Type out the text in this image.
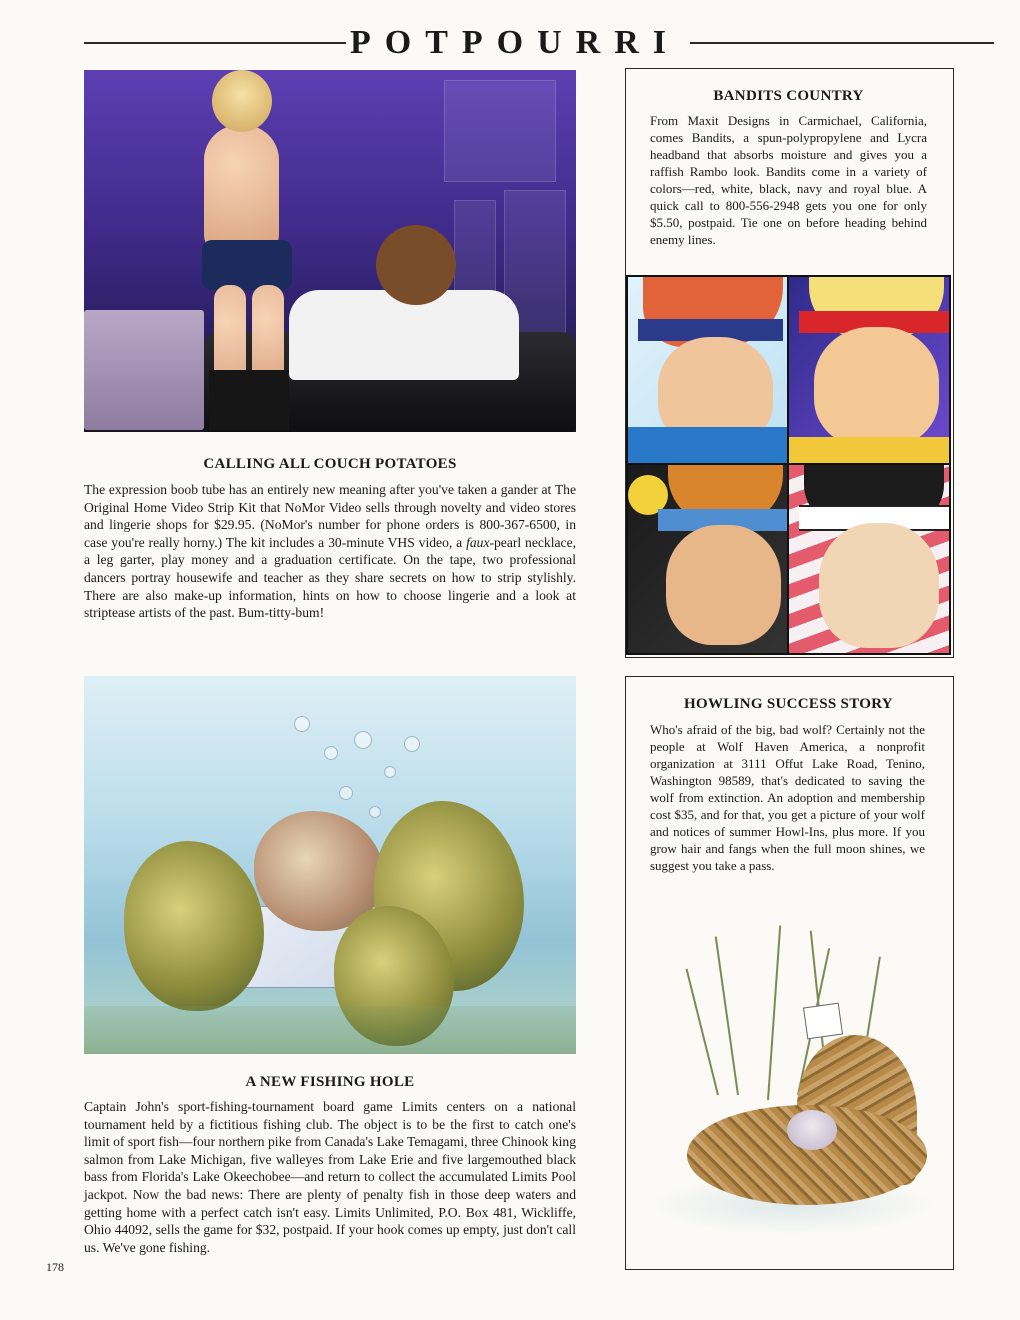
POTPOURRI
CALLING ALL COUCH POTATOES
The expression boob tube has an entirely new meaning after you've taken a gander at The Original Home Video Strip Kit that NoMor Video sells through novelty and video stores and lingerie shops for $29.95. (NoMor's number for phone orders is 800-367-6500, in case you're really horny.) The kit includes a 30-minute VHS video, a faux-pearl necklace, a leg garter, play money and a graduation certificate. On the tape, two professional dancers portray housewife and teacher as they share secrets on how to strip stylishly. There are also make-up information, hints on how to choose lingerie and a look at striptease artists of the past. Bum-titty-bum!
BANDITS COUNTRY
From Maxit Designs in Carmichael, California, comes Bandits, a spun-polypropylene and Lycra headband that absorbs moisture and gives you a raffish Rambo look. Bandits come in a variety of colors—red, white, black, navy and royal blue. A quick call to 800-556-2948 gets you one for only $5.50, postpaid. Tie one on before heading behind enemy lines.
A NEW FISHING HOLE
Captain John's sport-fishing-tournament board game Limits centers on a national tournament held by a fictitious fishing club. The object is to be the first to catch one's limit of sport fish—four northern pike from Canada's Lake Temagami, three Chinook king salmon from Lake Michigan, five walleyes from Lake Erie and five largemouthed black bass from Florida's Lake Okeechobee—and return to collect the accumulated Limits Pool jackpot. Now the bad news: There are plenty of penalty fish in those deep waters and getting home with a perfect catch isn't easy. Limits Unlimited, P.O. Box 481, Wickliffe, Ohio 44092, sells the game for $32, postpaid. If your hook comes up empty, just don't call us. We've gone fishing.
HOWLING SUCCESS STORY
Who's afraid of the big, bad wolf? Certainly not the people at Wolf Haven America, a nonprofit organization at 3111 Offut Lake Road, Tenino, Washington 98589, that's dedicated to saving the wolf from extinction. An adoption and membership cost $35, and for that, you get a picture of your wolf and notices of summer Howl-Ins, plus more. If you grow hair and fangs when the full moon shines, we suggest you take a pass.
178
